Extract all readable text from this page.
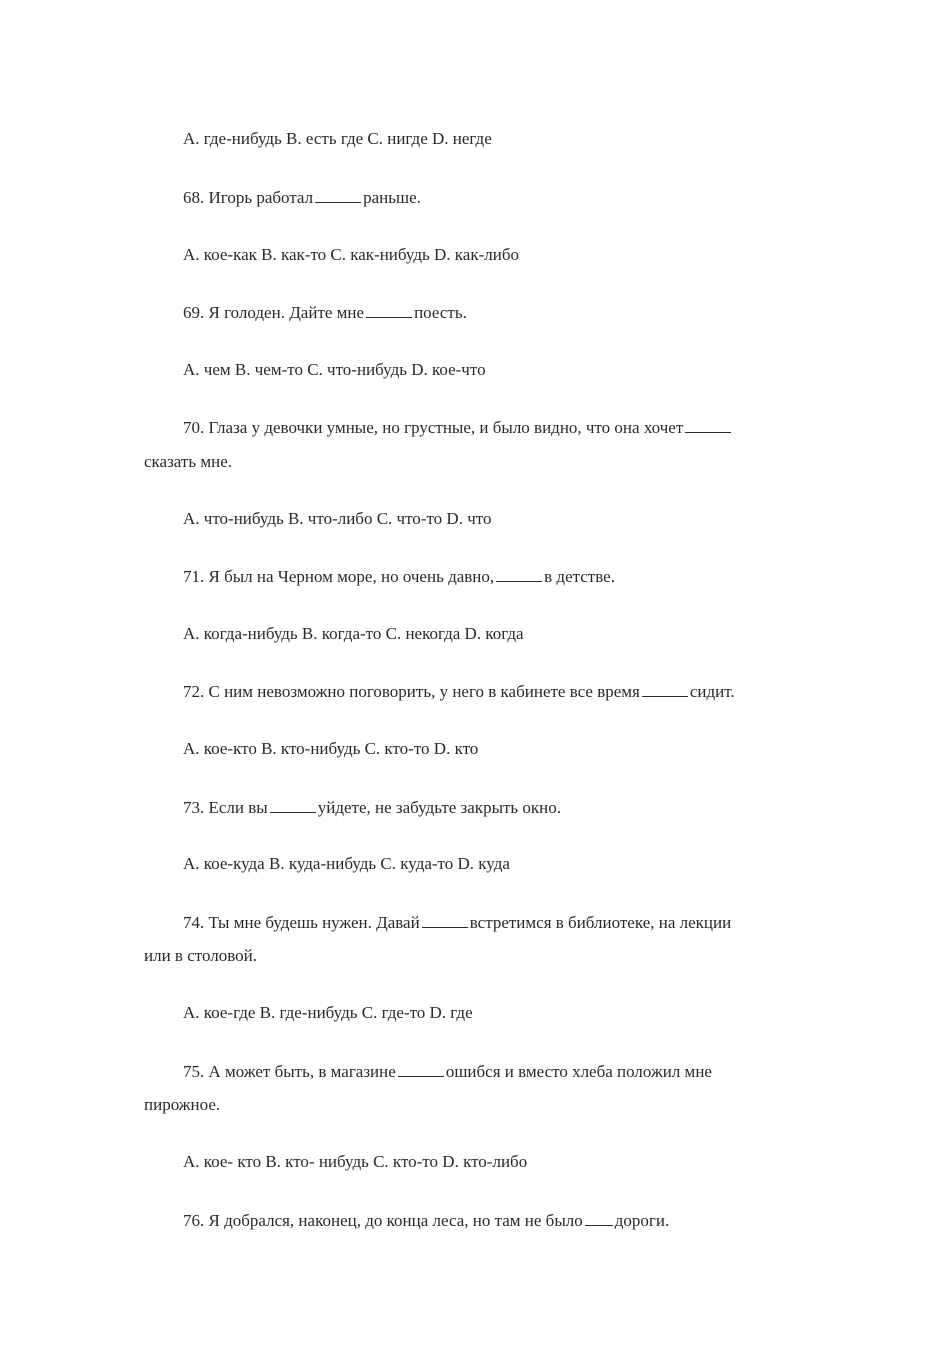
A. где-нибудь B. есть где C. нигде D. негде
68. Игорь работал	раньше.
A. кое-как B. как-то C. как-нибудь D. как-либо
69. Я голоден. Дайте мне	поесть.
A. чем B. чем-то C. что-нибудь D. кое-что
70. Глаза у девочки умные, но грустные, и было видно, что она хочет
сказать мне.
A. что-нибудь B. что-либо C. что-то D. что
71. Я был на Черном море, но очень давно,	в детстве.
A. когда-нибудь B. когда-то C. некогда D. когда
72. С ним невозможно поговорить, у него в кабинете все время	сидит.
A. кое-кто B. кто-нибудь C. кто-то D. кто
73. Если вы	уйдете, не забудьте закрыть окно.
A. кое-куда B. куда-нибудь C. куда-то D. куда
74. Ты мне будешь нужен. Давай	встретимся в библиотеке, на лекции
или в столовой.
A. кое-где B. где-нибудь C. где-то D. где
75. А может быть, в магазине	ошибся и вместо хлеба положил мне
пирожное.
A. кое- кто B. кто- нибудь C. кто-то D. кто-либо
76. Я добрался, наконец, до конца леса, но там не было дороги.
